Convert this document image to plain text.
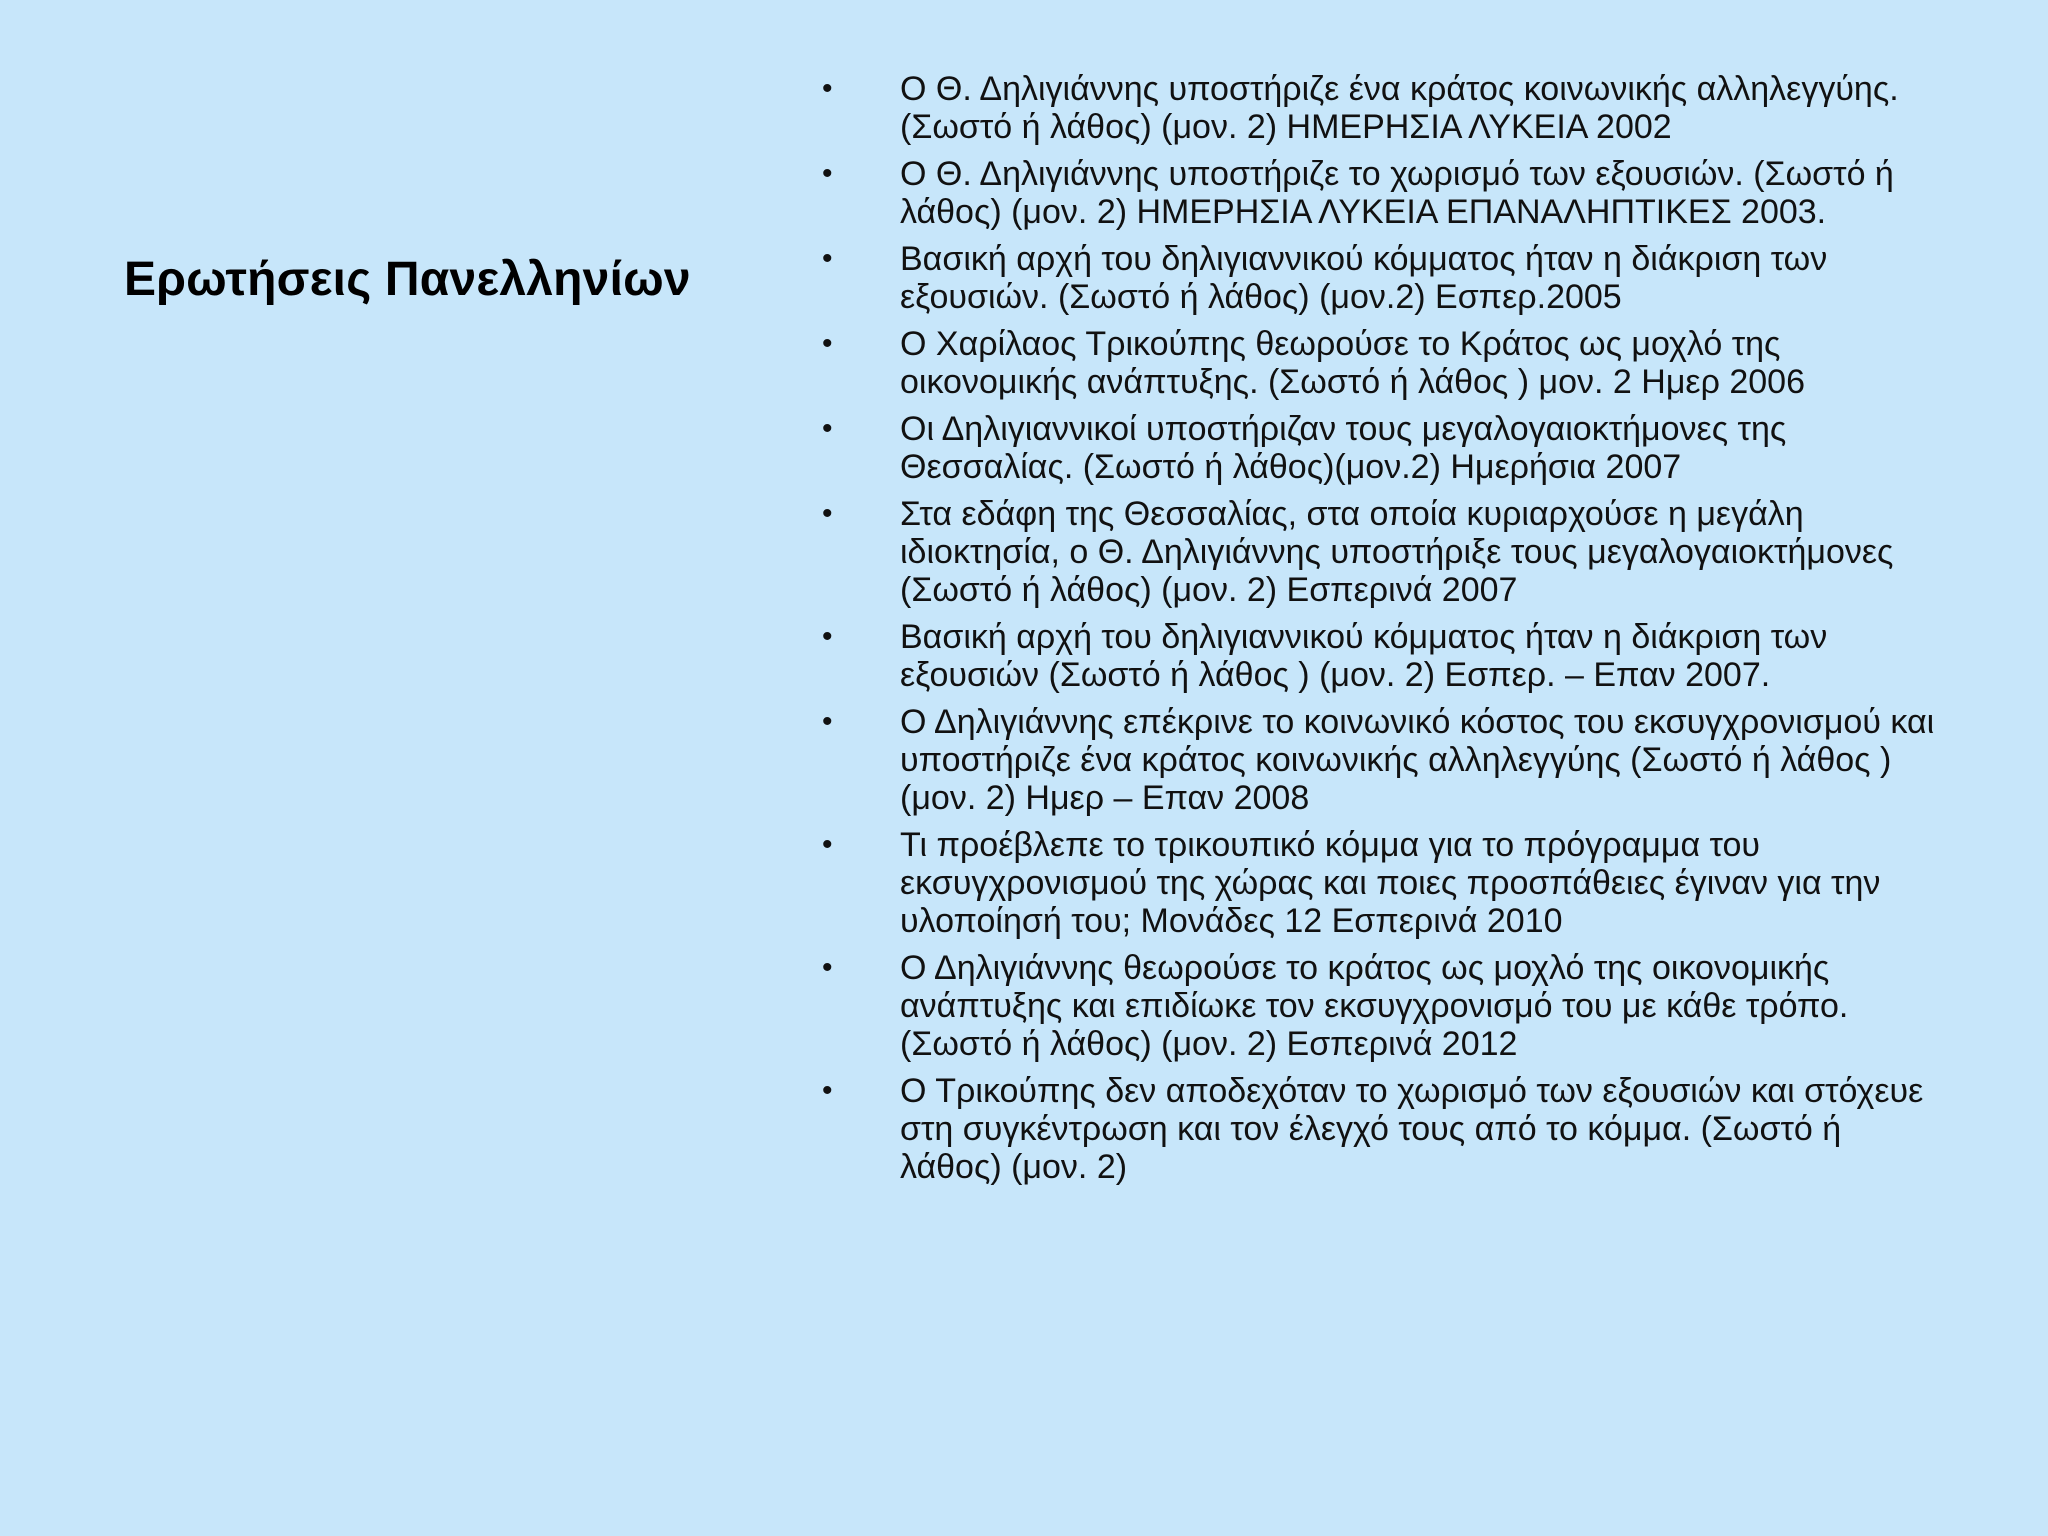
Ερωτήσεις Πανελληνίων
• Ο Θ. Δηλιγιάννης υποστήριζε ένα κράτος κοινωνικής αλληλεγγύης. (Σωστό ή λάθος) (μον. 2) ΗΜΕΡΗΣΙΑ ΛΥΚΕΙΑ 2002
• Ο Θ. Δηλιγιάννης υποστήριζε το χωρισμό των εξουσιών. (Σωστό ή λάθος) (μον. 2) ΗΜΕΡΗΣΙΑ ΛΥΚΕΙΑ ΕΠΑΝΑΛΗΠΤΙΚΕΣ 2003.
• Βασική αρχή του δηλιγιαννικού κόμματος ήταν η διάκριση των εξουσιών. (Σωστό ή λάθος) (μον.2) Εσπερ.2005
• Ο Χαρίλαος Τρικούπης θεωρούσε το Κράτος ως μοχλό της οικονομικής ανάπτυξης. (Σωστό ή λάθος ) μον. 2 Ημερ 2006
• Οι Δηλιγιαννικοί υποστήριζαν τους μεγαλογαιοκτήμονες της Θεσσαλίας. (Σωστό ή λάθος)(μον.2) Ημερήσια 2007
• Στα εδάφη της Θεσσαλίας, στα οποία κυριαρχούσε η μεγάλη ιδιοκτησία, ο Θ. Δηλιγιάννης υποστήριξε τους μεγαλογαιοκτήμονες (Σωστό ή λάθος) (μον. 2) Εσπερινά 2007
• Βασική αρχή του δηλιγιαννικού κόμματος ήταν η διάκριση των εξουσιών (Σωστό ή λάθος ) (μον. 2) Εσπερ. – Επαν 2007.
• Ο Δηλιγιάννης επέκρινε το κοινωνικό κόστος του εκσυγχρονισμού και υποστήριζε ένα κράτος κοινωνικής αλληλεγγύης (Σωστό ή λάθος ) (μον. 2) Ημερ – Επαν 2008
• Τι προέβλεπε το τρικουπικό κόμμα για το πρόγραμμα του εκσυγχρονισμού της χώρας και ποιες προσπάθειες έγιναν για την υλοποίησή του; Μονάδες 12 Εσπερινά 2010
• Ο Δηλιγιάννης θεωρούσε το κράτος ως μοχλό της οικονομικής ανάπτυξης και επιδίωκε τον εκσυγχρονισμό του με κάθε τρόπο. (Σωστό ή λάθος) (μον. 2) Εσπερινά 2012
• Ο Τρικούπης δεν αποδεχόταν το χωρισμό των εξουσιών και στόχευε στη συγκέντρωση και τον έλεγχό τους από το κόμμα. (Σωστό ή λάθος) (μον. 2)
